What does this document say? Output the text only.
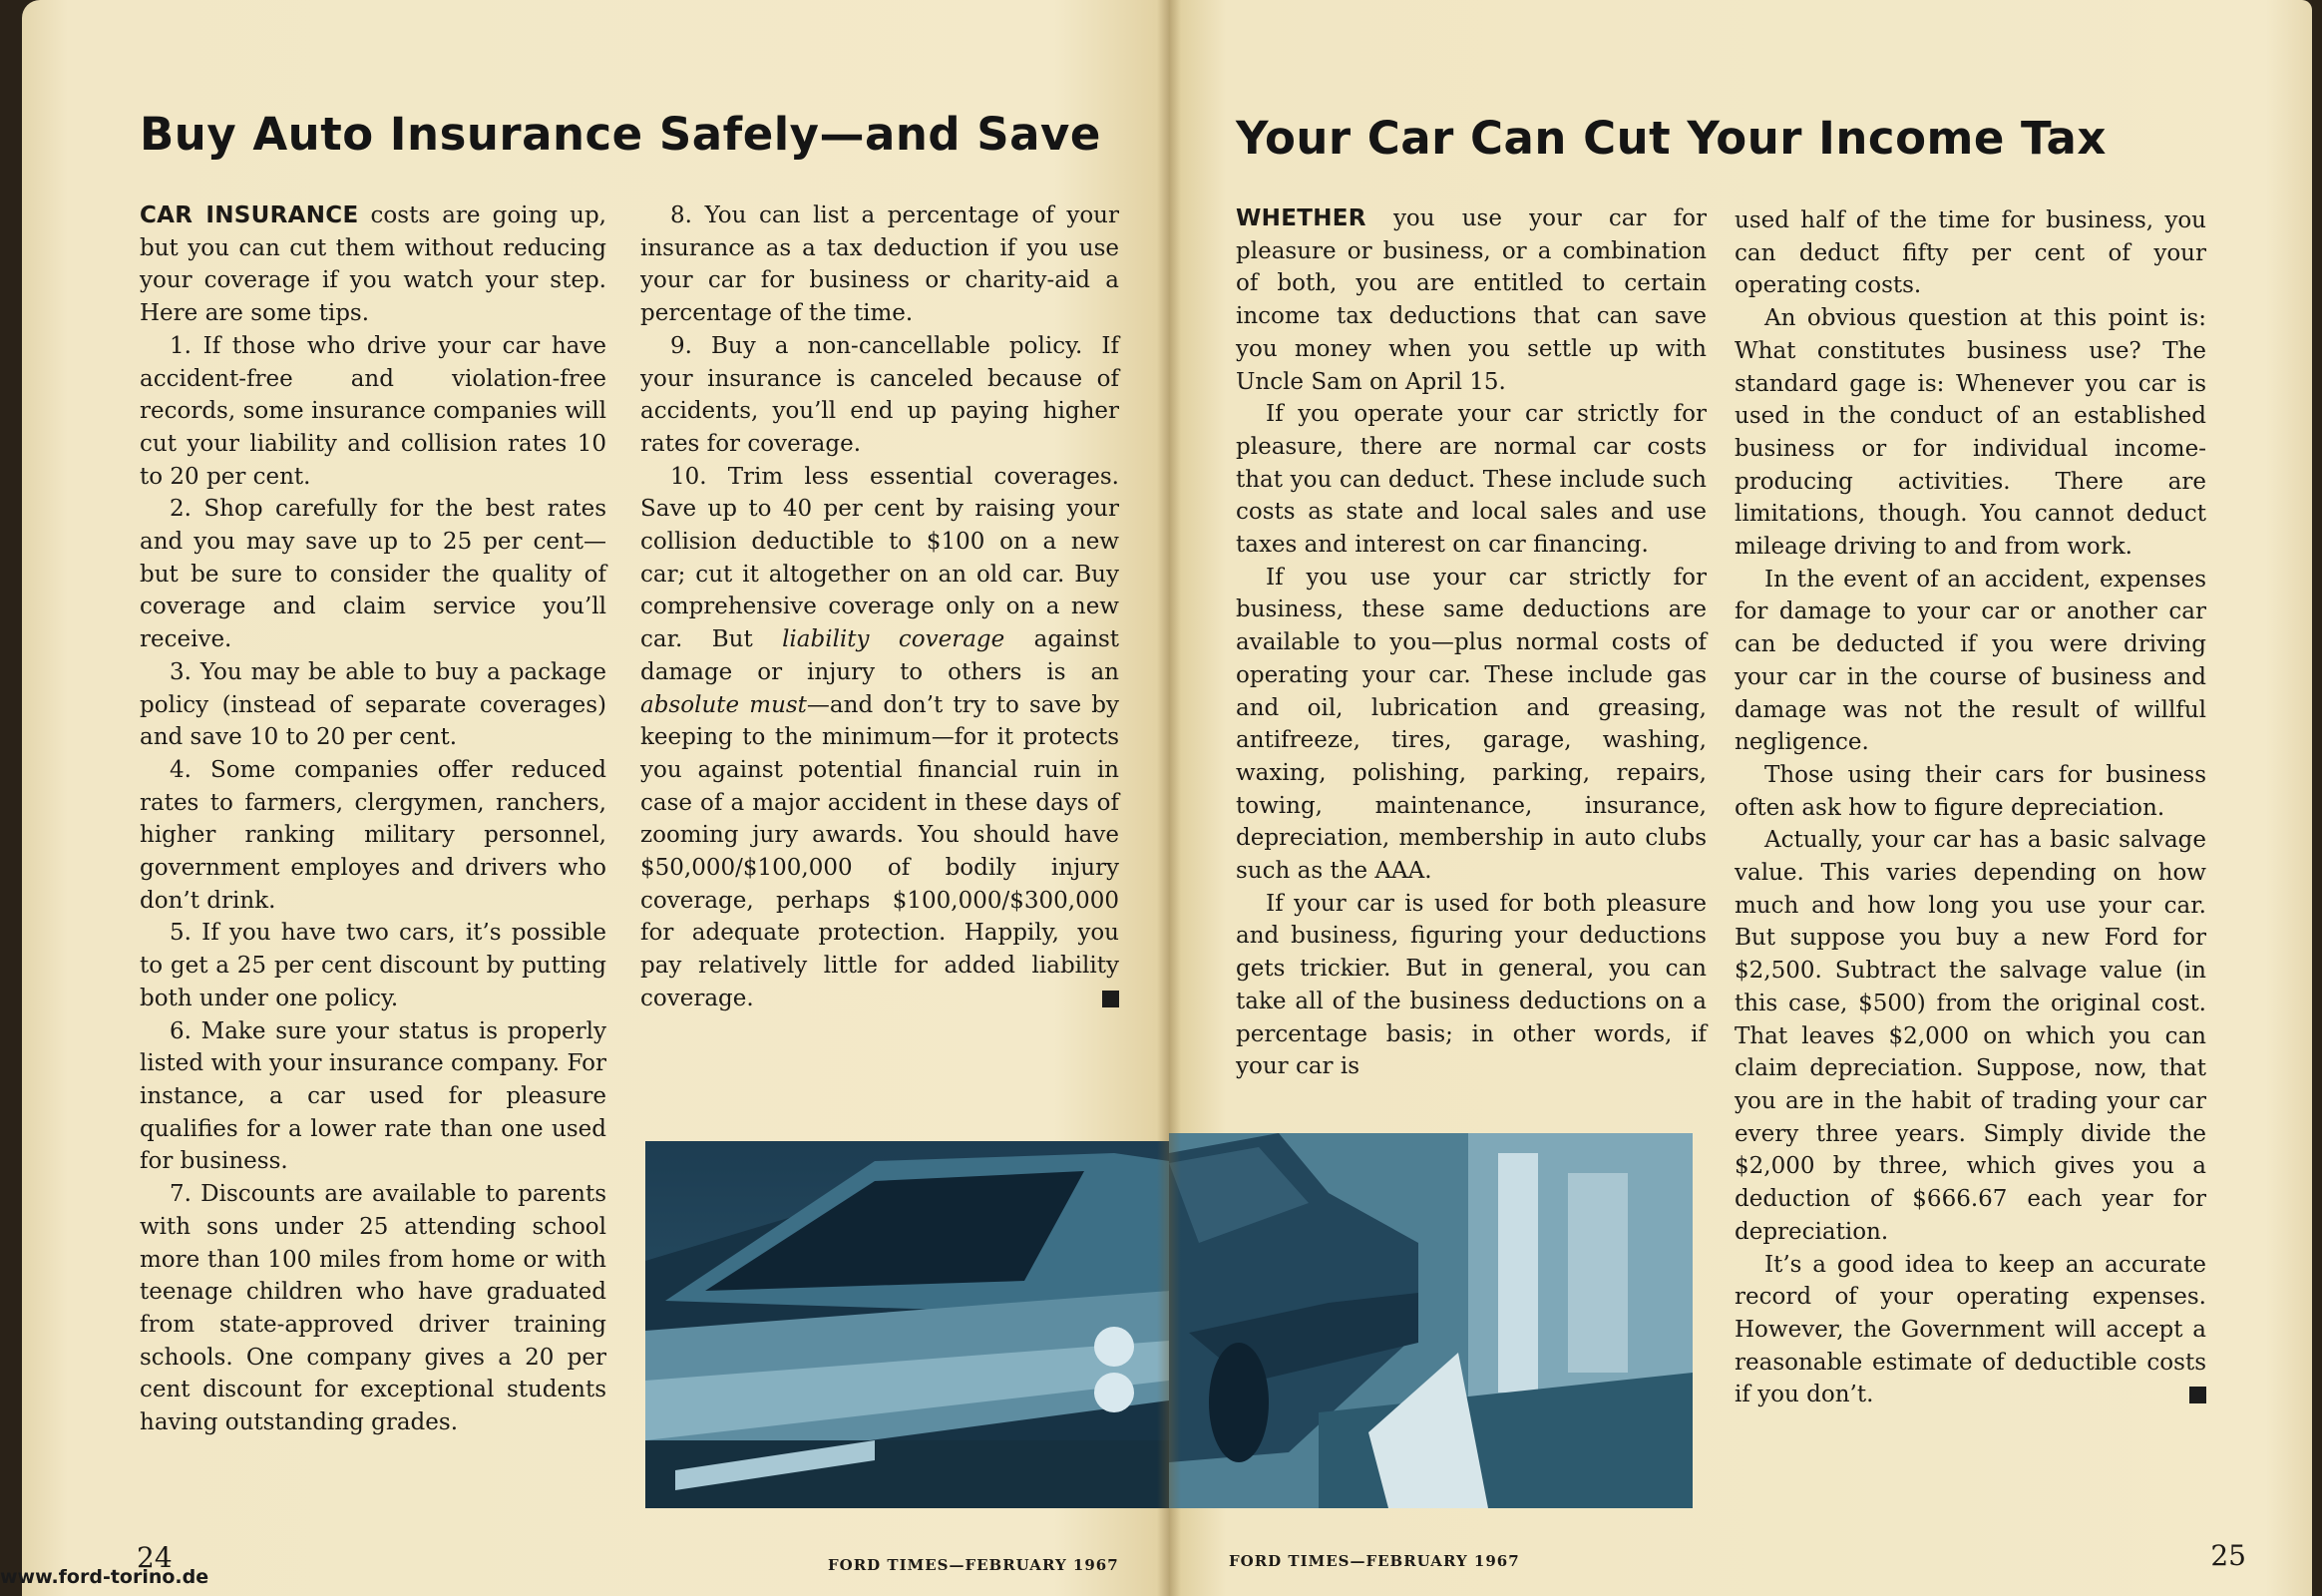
Buy Auto Insurance Safely—and Save

CAR INSURANCE costs are going up, but you can cut them without reducing your coverage if you watch your step. Here are some tips.

1. If those who drive your car have accident-free and violation-free records, some insurance companies will cut your liability and collision rates 10 to 20 per cent.

2. Shop carefully for the best rates and you may save up to 25 per cent—but be sure to consider the quality of coverage and claim service you’ll receive.

3. You may be able to buy a package policy (instead of separate coverages) and save 10 to 20 per cent.

4. Some companies offer reduced rates to farmers, clergymen, ranchers, higher ranking military personnel, government employes and drivers who don’t drink.

5. If you have two cars, it’s possible to get a 25 per cent discount by putting both under one policy.

6. Make sure your status is properly listed with your insurance company. For instance, a car used for pleasure qualifies for a lower rate than one used for business.

7. Discounts are available to parents with sons under 25 attending school more than 100 miles from home or with teenage children who have graduated from state-approved driver training schools. One company gives a 20 per cent discount for exceptional students having outstanding grades.

8. You can list a percentage of your insurance as a tax deduction if you use your car for business or charity-aid a percentage of the time.

9. Buy a non-cancellable policy. If your insurance is canceled because of accidents, you’ll end up paying higher rates for coverage.

10. Trim less essential coverages. Save up to 40 per cent by raising your collision deductible to $100 on a new car; cut it altogether on an old car. Buy comprehensive coverage only on a new car. But liability coverage against damage or injury to others is an absolute must—and don’t try to save by keeping to the minimum—for it protects you against potential financial ruin in case of a major accident in these days of zooming jury awards. You should have $50,000/$100,000 of bodily injury coverage, perhaps $100,000/$300,000 for adequate protection. Happily, you pay relatively little for added liability coverage.

24	FORD TIMES—FEBRUARY 1967
Your Car Can Cut Your Income Tax

WHETHER you use your car for pleasure or business, or a combination of both, you are entitled to certain income tax deductions that can save you money when you settle up with Uncle Sam on April 15.

If you operate your car strictly for pleasure, there are normal car costs that you can deduct. These include such costs as state and local sales and use taxes and interest on car financing.

If you use your car strictly for business, these same deductions are available to you—plus normal costs of operating your car. These include gas and oil, lubrication and greasing, antifreeze, tires, garage, washing, waxing, polishing, parking, repairs, towing, maintenance, insurance, depreciation, membership in auto clubs such as the AAA.

If your car is used for both pleasure and business, figuring your deductions gets trickier. But in general, you can take all of the business deductions on a percentage basis; in other words, if your car is

used half of the time for business, you can deduct fifty per cent of your operating costs.

An obvious question at this point is: What constitutes business use? The standard gage is: Whenever you car is used in the conduct of an established business or for individual income-producing activities. There are limitations, though. You cannot deduct mileage driving to and from work.

In the event of an accident, expenses for damage to your car or another car can be deducted if you were driving your car in the course of business and damage was not the result of willful negligence.

Those using their cars for business often ask how to figure depreciation.

Actually, your car has a basic salvage value. This varies depending on how much and how long you use your car. But suppose you buy a new Ford for $2,500. Subtract the salvage value (in this case, $500) from the original cost. That leaves $2,000 on which you can claim depreciation. Suppose, now, that you are in the habit of trading your car every three years. Simply divide the $2,000 by three, which gives you a deduction of $666.67 each year for depreciation.

It’s a good idea to keep an accurate record of your operating expenses. However, the Government will accept a reasonable estimate of deductible costs if you don’t.

25
FORD TIMES—FEBRUARY 1967
www.ford-torino.de
